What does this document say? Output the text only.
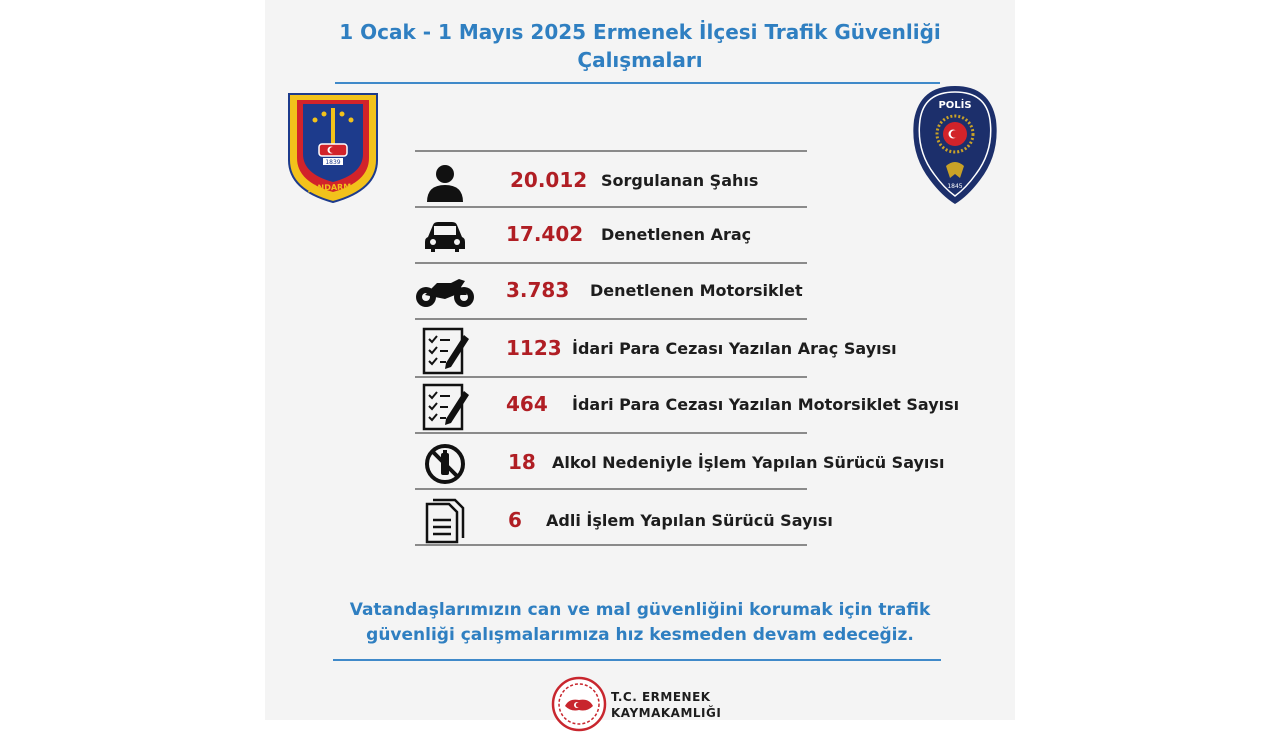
1 Ocak - 1 Mayıs 2025 Ermenek İlçesi Trafik Güvenliği
Çalışmaları
1839
JANDARMA
POLİS
1845
20.012 Sorgulanan Şahıs
17.402 Denetlenen Araç
3.783 Denetlenen Motorsiklet
1123 İdari Para Cezası Yazılan Araç Sayısı
464 İdari Para Cezası Yazılan Motorsiklet Sayısı
18 Alkol Nedeniyle İşlem Yapılan Sürücü Sayısı
6 Adli İşlem Yapılan Sürücü Sayısı
Vatandaşlarımızın can ve mal güvenliğini korumak için trafik
güvenliği çalışmalarımıza hız kesmeden devam edeceğiz.
T.C. ERMENEK
KAYMAKAMLIĞI
